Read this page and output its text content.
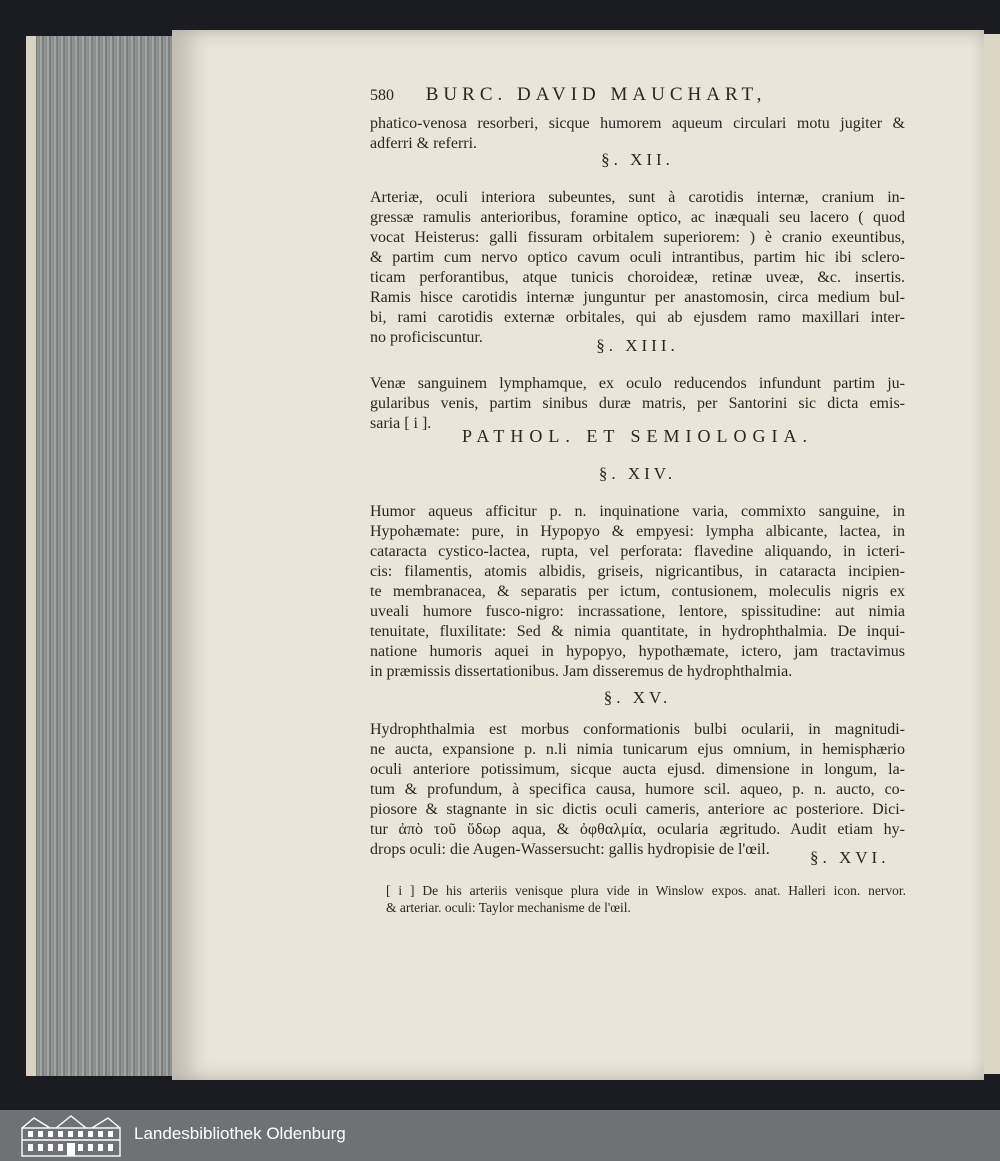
580 BURC. DAVID MAUCHART,
phatico-venosa resorberi, sicque humorem aqueum circulari motu jugiter &
adferri & referri.
§. XII.
Arteriæ, oculi interiora subeuntes, sunt à carotidis internæ, cranium in-
gressæ ramulis anterioribus, foramine optico, ac inæquali seu lacero ( quod
vocat Heisterus: galli fissuram orbitalem superiorem: ) è cranio exeuntibus,
& partim cum nervo optico cavum oculi intrantibus, partim hic ibi sclero-
ticam perforantibus, atque tunicis choroideæ, retinæ uveæ, &c. insertis.
Ramis hisce carotidis internæ junguntur per anastomosin, circa medium bul-
bi, rami carotidis externæ orbitales, qui ab ejusdem ramo maxillari inter-
no proficiscuntur.	§. XIII.
Venæ sanguinem lymphamque, ex oculo reducendos infundunt partim ju-
gularibus venis, partim sinibus duræ matris, per Santorini sic dicta emis-
saria [ i ].
PATHOL. ET SEMIOLOGIA.
§. XIV.
Humor aqueus afficitur p. n. inquinatione varia, commixto sanguine, in
Hypohæmate: pure, in Hypopyo & empyesi: lympha albicante, lactea, in
cataracta cystico-lactea, rupta, vel perforata: flavedine aliquando, in icteri-
cis: filamentis, atomis albidis, griseis, nigricantibus, in cataracta incipien-
te membranacea, & separatis per ictum, contusionem, moleculis nigris ex
uveali humore fusco-nigro: incrassatione, lentore, spissitudine: aut nimia
tenuitate, fluxilitate: Sed & nimia quantitate, in hydrophthalmia. De inqui-
natione humoris aquei in hypopyo, hypothæmate, ictero, jam tractavimus
in præmissis dissertationibus. Jam disseremus de hydrophthalmia.
§. XV.
Hydrophthalmia est morbus conformationis bulbi ocularii, in magnitudi-
ne aucta, expansione p. n.li nimia tunicarum ejus omnium, in hemisphærio
oculi anteriore potissimum, sicque aucta ejusd. dimensione in longum, la-
tum & profundum, à specifica causa, humore scil. aqueo, p. n. aucto, co-
piosore & stagnante in sic dictis oculi cameris, anteriore ac posteriore. Dici-
tur ἀπὸ τοῦ ὕδωρ aqua, & ὀφθαλμία, ocularia ægritudo. Audit etiam hy-
drops oculi: die Augen-Wassersucht: gallis hydropisie de l'œil.	§. XVI.
[ i ] De his arteriis venisque plura vide in Winslow expos. anat. Halleri icon. nervor.
& arteriar. oculi: Taylor mechanisme de l'œil.
Landesbibliothek Oldenburg
